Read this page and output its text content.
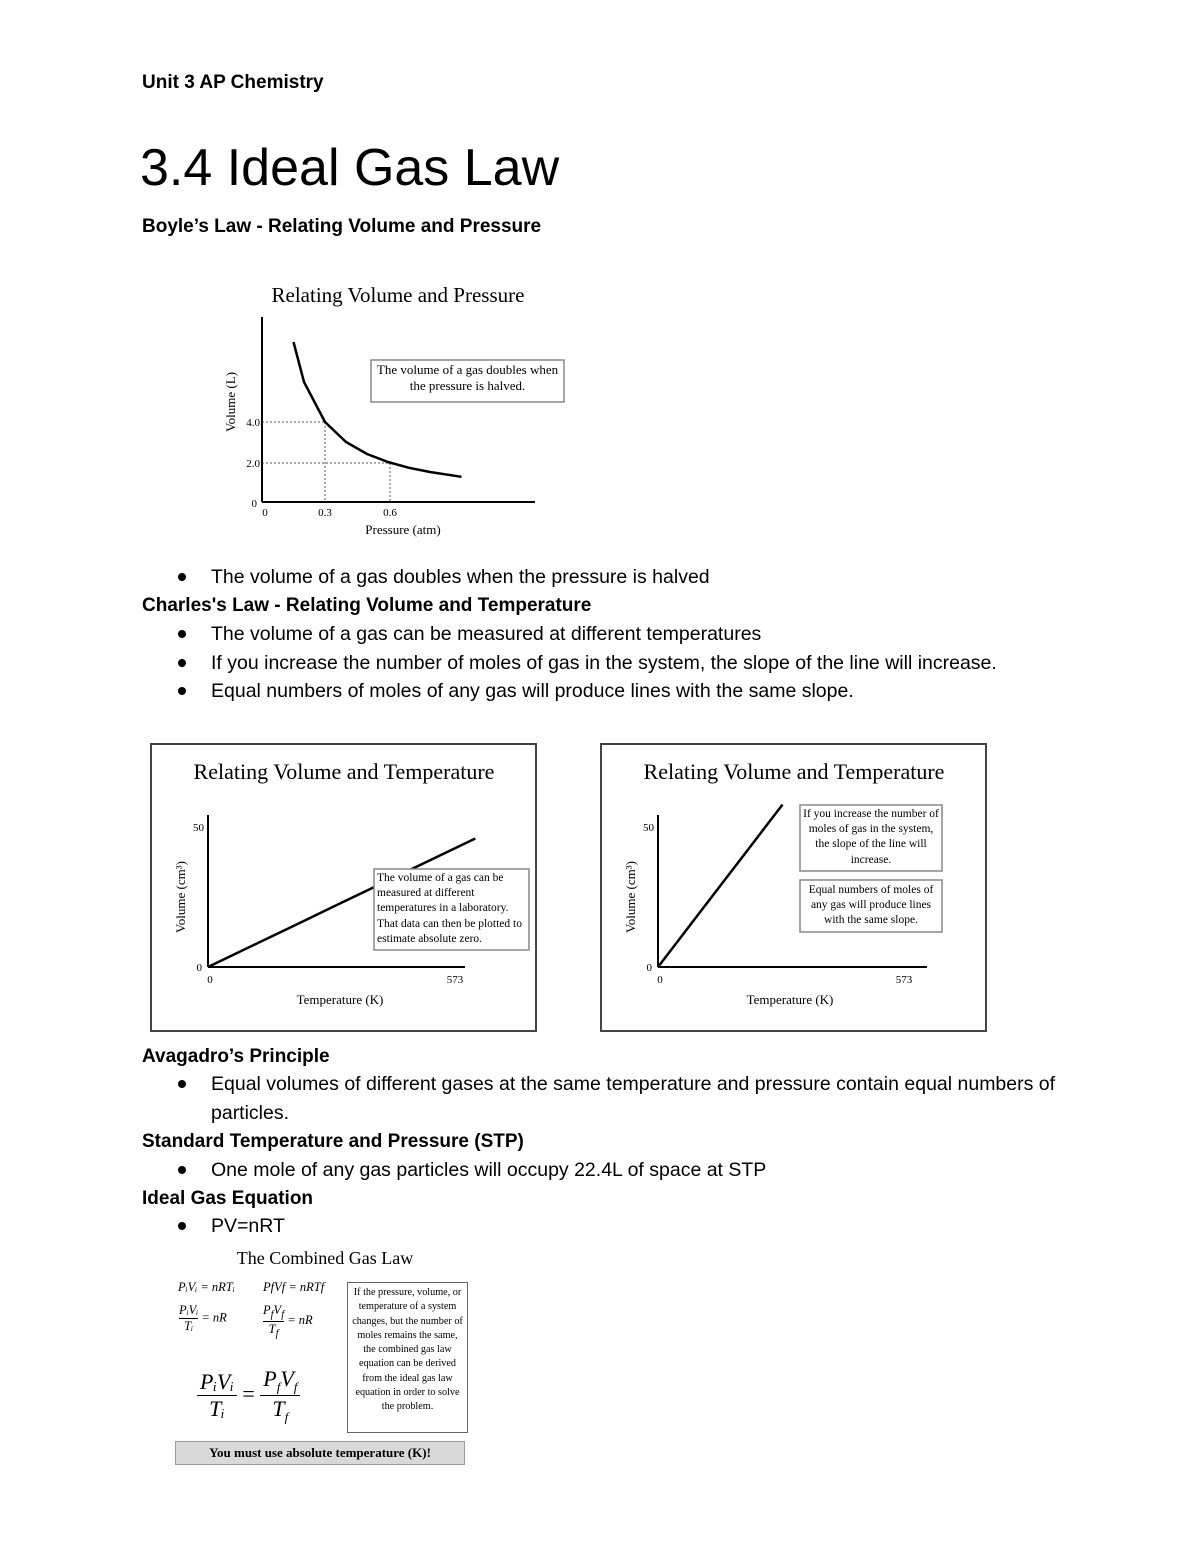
Unit 3 AP Chemistry
3.4 Ideal Gas Law
Boyle’s Law - Relating Volume and Pressure
Relating Volume and Pressure
0
2.0
4.0
0	0.3	0.6
Pressure (atm)
Volume (L)
The volume of a gas doubles when the pressure is halved.
The volume of a gas doubles when the pressure is halved
Charles's Law - Relating Volume and Temperature
The volume of a gas can be measured at different temperatures
If you increase the number of moles of gas in the system, the slope of the line will increase.
Equal numbers of moles of any gas will produce lines with the same slope.
Relating Volume and Temperature
50
0
0	573
Temperature (K)
Volume (cm³)	The volume of a gas can be measured at different temperatures in a laboratory. That data can then be plotted to estimate absolute zero.
Relating Volume and Temperature
50
0
0	573
Temperature (K)
Volume (cm³)
If you increase the number of moles of gas in the system, the slope of the line will increase.
Equal numbers of moles of any gas will produce lines with the same slope.
Avagadro’s Principle
Equal volumes of different gases at the same temperature and pressure contain equal numbers of particles.
Standard Temperature and Pressure (STP)
One mole of any gas particles will occupy 22.4L of space at STP
Ideal Gas Equation
PV=nRT
The Combined Gas Law
PᵢVᵢ = nRTᵢ PfVf = nRTf
PᵢVᵢ
Tᵢ
= nR
$P_fV_f$
$T_f$
= nR
PᵢVᵢ
Tᵢ
=
$P_fV_f$
$T_f$
If the pressure, volume, or temperature of a system changes, but the number of moles remains the same, the combined gas law equation can be derived from the ideal gas law equation in order to solve the problem.
You must use absolute temperature (K)!
